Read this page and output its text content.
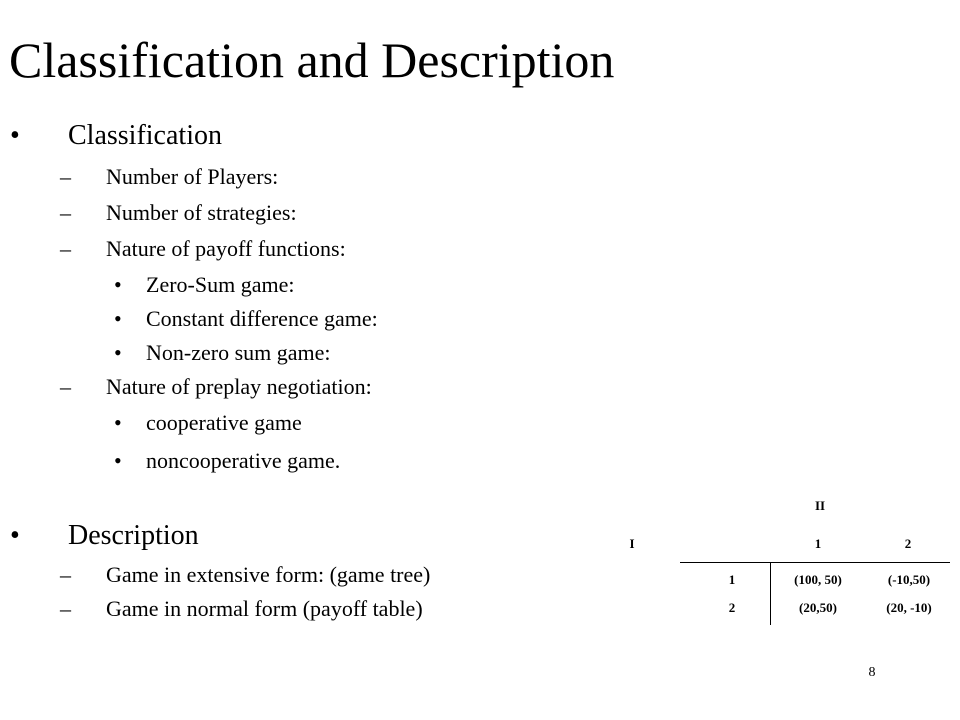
Classification and Description
• Classification
– Number of Players:
– Number of strategies:
– Nature of payoff functions:
• Zero-Sum game:
• Constant difference game:
• Non-zero sum game:
– Nature of preplay negotiation:
• cooperative game
• noncooperative game.
• Description
– Game in extensive form: (game tree)
– Game in normal form (payoff table)
II
I	1	2
1	(100, 50)	(-10,50)
2	(20,50)	(20, -10)
8
